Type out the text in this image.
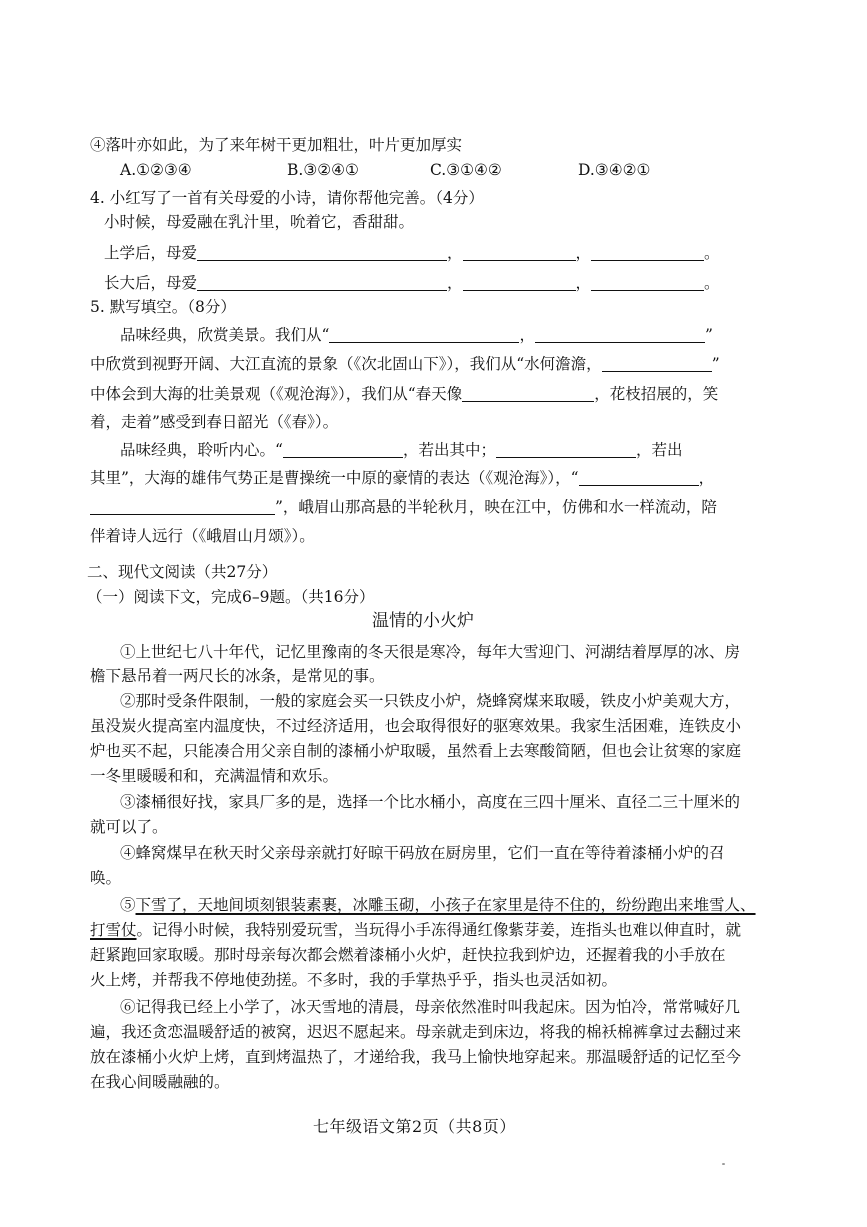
④落叶亦如此，为了来年树干更加粗壮，叶片更加厚实
A.①②③④	B.③②④①	C.③①④②	D.③④②①
4. 小红写了一首有关母爱的小诗，请你帮他完善。（4分）
小时候，母爱融在乳汁里，吮着它，香甜甜。
上学后，母爱	，	，	。
长大后，母爱	，	，	。
5. 默写填空。（8分）
品味经典，欣赏美景。我们从“	，	”
中欣赏到视野开阔、大江直流的景象（《次北固山下》），我们从“水何澹澹，	”
中体会到大海的壮美景观（《观沧海》），我们从“春天像	，花枝招展的，笑
着，走着”感受到春日韶光（《春》）。
品味经典，聆听内心。“	，若出其中；	，若出
其里”，大海的雄伟气势正是曹操统一中原的豪情的表达（《观沧海》），“	，
”，峨眉山那高悬的半轮秋月，映在江中，仿佛和水一样流动，陪
伴着诗人远行（《峨眉山月颂》）。
二、现代文阅读（共27分）
（一）阅读下文，完成6–9题。（共16分）
温情的小火炉
①上世纪七八十年代，记忆里豫南的冬天很是寒冷，每年大雪迎门、河湖结着厚厚的冰、房
檐下悬吊着一两尺长的冰条，是常见的事。
②那时受条件限制，一般的家庭会买一只铁皮小炉，烧蜂窝煤来取暖，铁皮小炉美观大方，
虽没炭火提高室内温度快，不过经济适用，也会取得很好的驱寒效果。我家生活困难，连铁皮小
炉也买不起，只能凑合用父亲自制的漆桶小炉取暖，虽然看上去寒酸简陋，但也会让贫寒的家庭
一冬里暖暖和和，充满温情和欢乐。
③漆桶很好找，家具厂多的是，选择一个比水桶小，高度在三四十厘米、直径二三十厘米的
就可以了。
④蜂窝煤早在秋天时父亲母亲就打好晾干码放在厨房里，它们一直在等待着漆桶小炉的召
唤。
⑤下雪了，天地间顷刻银装素裹，冰雕玉砌，小孩子在家里是待不住的，纷纷跑出来堆雪人、
打雪仗。记得小时候，我特别爱玩雪，当玩得小手冻得通红像紫芽姜，连指头也难以伸直时，就
赶紧跑回家取暖。那时母亲每次都会燃着漆桶小火炉，赶快拉我到炉边，还握着我的小手放在
火上烤，并帮我不停地使劲搓。不多时，我的手掌热乎乎，指头也灵活如初。
⑥记得我已经上小学了，冰天雪地的清晨，母亲依然准时叫我起床。因为怕冷，常常喊好几
遍，我还贪恋温暖舒适的被窝，迟迟不愿起来。母亲就走到床边，将我的棉袄棉裤拿过去翻过来
放在漆桶小火炉上烤，直到烤温热了，才递给我，我马上愉快地穿起来。那温暖舒适的记忆至今
在我心间暖融融的。
七年级语文第2页（共8页）
